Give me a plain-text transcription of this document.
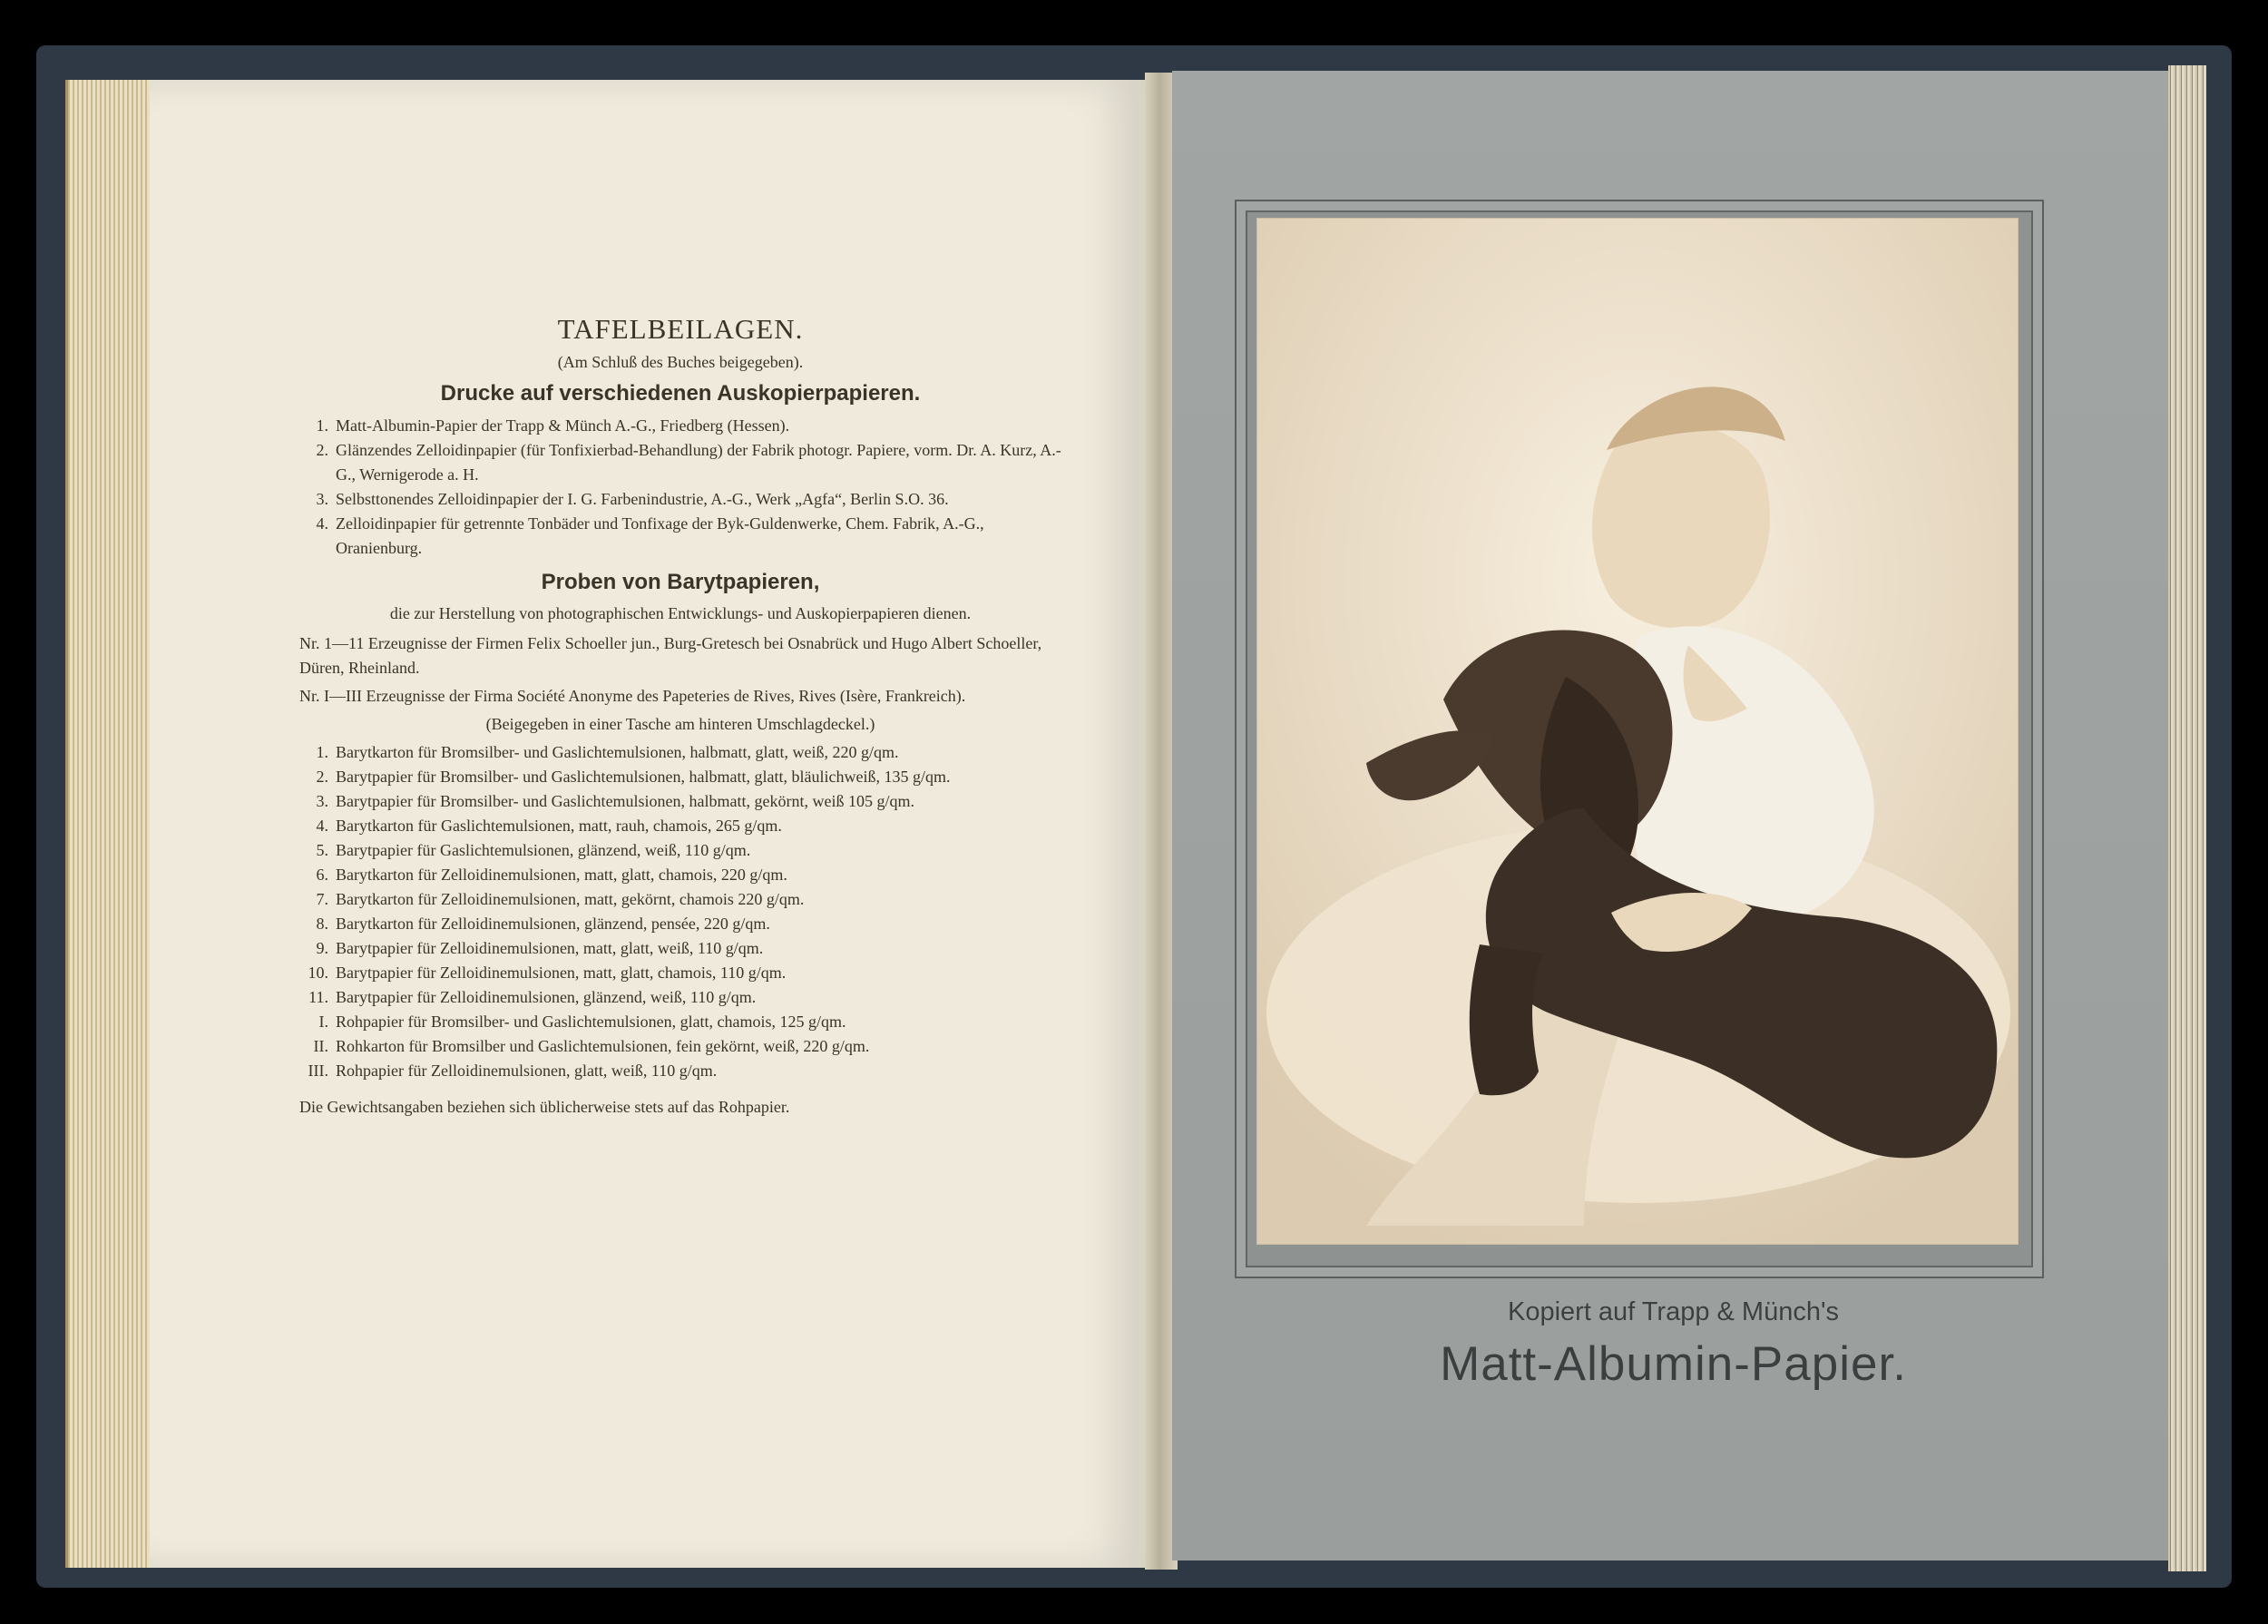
TAFELBEILAGEN.
(Am Schluß des Buches beigegeben).
Drucke auf verschiedenen Auskopierpapieren.
1. Matt-Albumin-Papier der Trapp & Münch A.-G., Friedberg (Hessen).
2. Glänzendes Zelloidinpapier (für Tonfixierbad-Behandlung) der Fabrik photogr. Papiere, vorm. Dr. A. Kurz, A.-G., Wernigerode a. H.
3. Selbsttonendes Zelloidinpapier der I. G. Farbenindustrie, A.-G., Werk „Agfa“, Berlin S.O. 36.
4. Zelloidinpapier für getrennte Tonbäder und Tonfixage der Byk-Guldenwerke, Chem. Fabrik, A.-G., Oranienburg.
Proben von Barytpapieren,
die zur Herstellung von photographischen Entwicklungs- und Auskopierpapieren dienen.
Nr. 1—11 Erzeugnisse der Firmen Felix Schoeller jun., Burg-Gretesch bei Osnabrück und Hugo Albert Schoeller, Düren, Rheinland.
Nr. I—III Erzeugnisse der Firma Société Anonyme des Papeteries de Rives, Rives (Isère, Frankreich).
(Beigegeben in einer Tasche am hinteren Umschlagdeckel.)
1. Barytkarton für Bromsilber- und Gaslichtemulsionen, halbmatt, glatt, weiß, 220 g/qm.
2. Barytpapier für Bromsilber- und Gaslichtemulsionen, halbmatt, glatt, bläulichweiß, 135 g/qm.
3. Barytpapier für Bromsilber- und Gaslichtemulsionen, halbmatt, gekörnt, weiß 105 g/qm.
4. Barytkarton für Gaslichtemulsionen, matt, rauh, chamois, 265 g/qm.
5. Barytpapier für Gaslichtemulsionen, glänzend, weiß, 110 g/qm.
6. Barytkarton für Zelloidinemulsionen, matt, glatt, chamois, 220 g/qm.
7. Barytkarton für Zelloidinemulsionen, matt, gekörnt, chamois 220 g/qm.
8. Barytkarton für Zelloidinemulsionen, glänzend, pensée, 220 g/qm.
9. Barytpapier für Zelloidinemulsionen, matt, glatt, weiß, 110 g/qm.
10. Barytpapier für Zelloidinemulsionen, matt, glatt, chamois, 110 g/qm.
11. Barytpapier für Zelloidinemulsionen, glänzend, weiß, 110 g/qm.
I. Rohpapier für Bromsilber- und Gaslichtemulsionen, glatt, chamois, 125 g/qm.
II. Rohkarton für Bromsilber und Gaslichtemulsionen, fein gekörnt, weiß, 220 g/qm.
III. Rohpapier für Zelloidinemulsionen, glatt, weiß, 110 g/qm.
Die Gewichtsangaben beziehen sich üblicherweise stets auf das Rohpapier.
Kopiert auf Trapp & Münch's
Matt-Albumin-Papier.
